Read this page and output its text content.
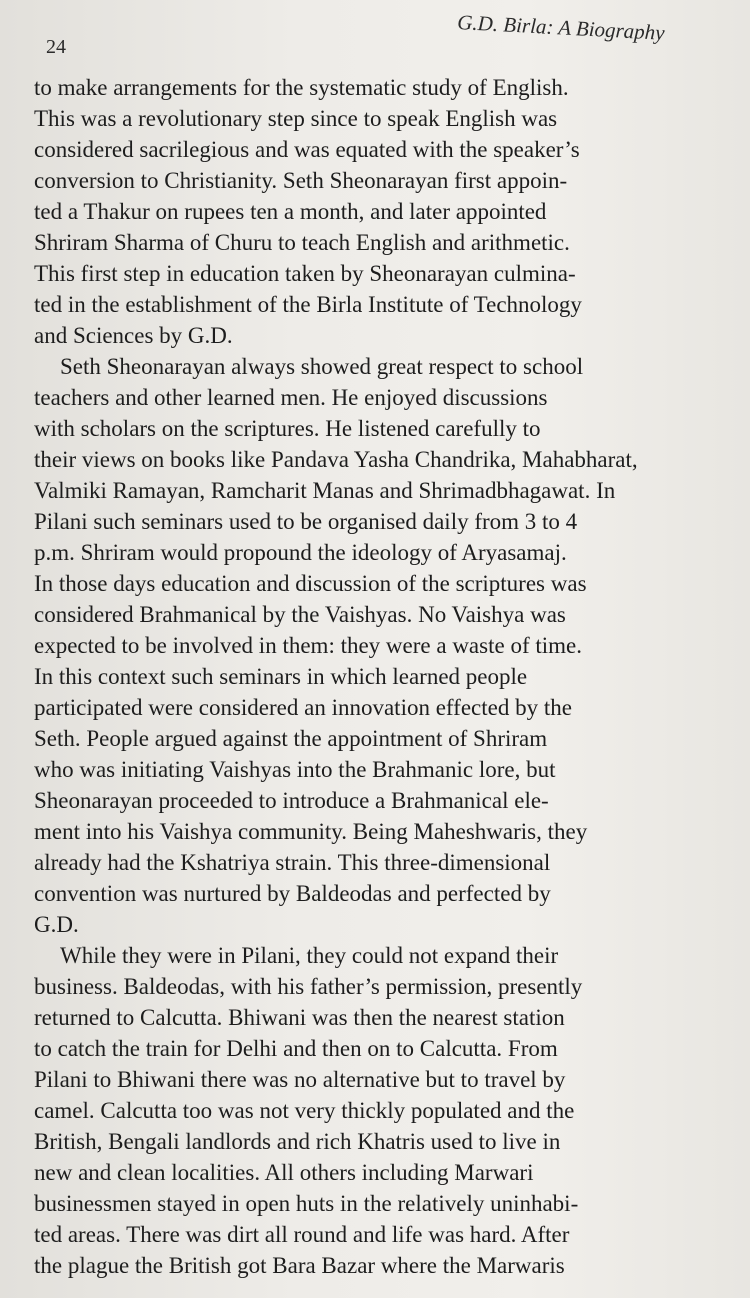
24
G.D. Birla: A Biography
to make arrangements for the systematic study of English.
This was a revolutionary step since to speak English was
considered sacrilegious and was equated with the speaker’s
conversion to Christianity. Seth Sheonarayan first appoin-
ted a Thakur on rupees ten a month, and later appointed
Shriram Sharma of Churu to teach English and arithmetic.
This first step in education taken by Sheonarayan culmina-
ted in the establishment of the Birla Institute of Technology
and Sciences by G.D.
Seth Sheonarayan always showed great respect to school
teachers and other learned men. He enjoyed discussions
with scholars on the scriptures. He listened carefully to
their views on books like Pandava Yasha Chandrika, Mahabharat,
Valmiki Ramayan, Ramcharit Manas and Shrimadbhagawat. In
Pilani such seminars used to be organised daily from 3 to 4
p.m. Shriram would propound the ideology of Aryasamaj.
In those days education and discussion of the scriptures was
considered Brahmanical by the Vaishyas. No Vaishya was
expected to be involved in them: they were a waste of time.
In this context such seminars in which learned people
participated were considered an innovation effected by the
Seth. People argued against the appointment of Shriram
who was initiating Vaishyas into the Brahmanic lore, but
Sheonarayan proceeded to introduce a Brahmanical ele-
ment into his Vaishya community. Being Maheshwaris, they
already had the Kshatriya strain. This three-dimensional
convention was nurtured by Baldeodas and perfected by
G.D.
While they were in Pilani, they could not expand their
business. Baldeodas, with his father’s permission, presently
returned to Calcutta. Bhiwani was then the nearest station
to catch the train for Delhi and then on to Calcutta. From
Pilani to Bhiwani there was no alternative but to travel by
camel. Calcutta too was not very thickly populated and the
British, Bengali landlords and rich Khatris used to live in
new and clean localities. All others including Marwari
businessmen stayed in open huts in the relatively uninhabi-
ted areas. There was dirt all round and life was hard. After
the plague the British got Bara Bazar where the Marwaris
